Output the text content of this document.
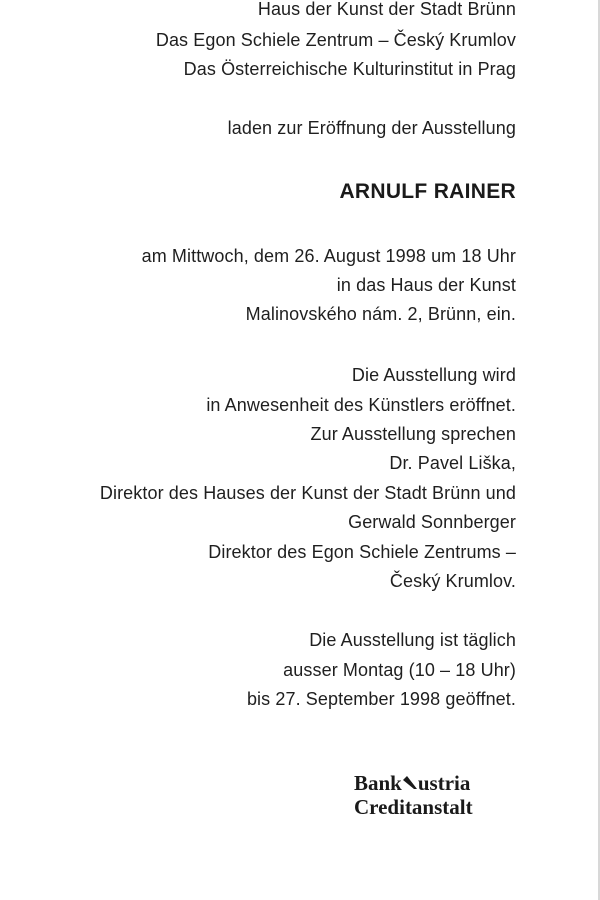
Haus der Kunst der Stadt Brünn
Das Egon Schiele Zentrum – Český Krumlov
Das Österreichische Kulturinstitut in Prag
laden zur Eröffnung der Ausstellung
ARNULF RAINER
am Mittwoch, dem 26. August 1998 um 18 Uhr
in das Haus der Kunst
Malinovského nám. 2, Brünn, ein.
Die Ausstellung wird
in Anwesenheit des Künstlers eröffnet.
Zur Ausstellung sprechen
Dr. Pavel Liška,
Direktor des Hauses der Kunst der Stadt Brünn und
Gerwald Sonnberger
Direktor des Egon Schiele Zentrums –
Český Krumlov.
Die Ausstellung ist täglich
ausser Montag (10 – 18 Uhr)
bis 27. September 1998 geöffnet.
Bank ustria
Creditanstalt
